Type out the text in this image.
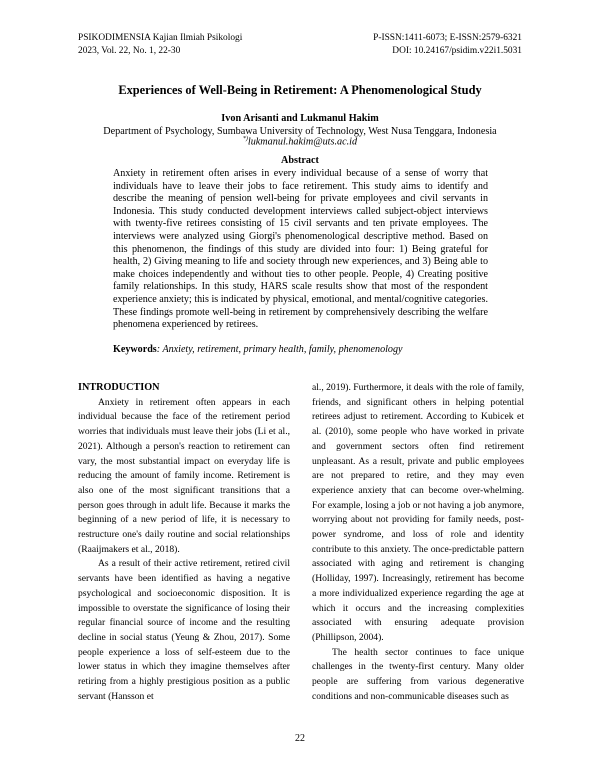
PSIKODIMENSIA Kajian Ilmiah Psikologi
2023, Vol. 22, No. 1, 22-30
P-ISSN:1411-6073; E-ISSN:2579-6321
DOI: 10.24167/psidim.v22i1.5031
Experiences of Well-Being in Retirement: A Phenomenological Study
Ivon Arisanti and Lukmanul Hakim
Department of Psychology, Sumbawa University of Technology, West Nusa Tenggara, Indonesia
*)lukmanul.hakim@uts.ac.id
Abstract
Anxiety in retirement often arises in every individual because of a sense of worry that individuals have to leave their jobs to face retirement. This study aims to identify and describe the meaning of pension well-being for private employees and civil servants in Indonesia. This study conducted development interviews called subject-object interviews with twenty-five retirees consisting of 15 civil servants and ten private employees. The interviews were analyzed using Giorgi's phenomenological descriptive method. Based on this phenomenon, the findings of this study are divided into four: 1) Being grateful for health, 2) Giving meaning to life and society through new experiences, and 3) Being able to make choices independently and without ties to other people. People, 4) Creating positive family relationships. In this study, HARS scale results show that most of the respondent experience anxiety; this is indicated by physical, emotional, and mental/cognitive categories. These findings promote well-being in retirement by comprehensively describing the welfare phenomena experienced by retirees.
Keywords: Anxiety, retirement, primary health, family, phenomenology

INTRODUCTION

Anxiety in retirement often appears in each individual because the face of the retirement period worries that individuals must leave their jobs (Li et al., 2021). Although a person's reaction to retirement can vary, the most substantial impact on everyday life is reducing the amount of family income. Retirement is also one of the most significant transitions that a person goes through in adult life. Because it marks the beginning of a new period of life, it is necessary to restructure one's daily routine and social relationships (Raaijmakers et al., 2018).

As a result of their active retirement, retired civil servants have been identified as having a negative psychological and socioeconomic disposition. It is impossible to overstate the significance of losing their regular financial source of income and the resulting decline in social status (Yeung & Zhou, 2017). Some people experience a loss of self-esteem due to the lower status in which they imagine themselves after retiring from a highly prestigious position as a public servant (Hansson et

al., 2019). Furthermore, it deals with the role of family, friends, and significant others in helping potential retirees adjust to retirement. According to Kubicek et al. (2010), some people who have worked in private and government sectors often find retirement unpleasant. As a result, private and public employees are not prepared to retire, and they may even experience anxiety that can become over-whelming. For example, losing a job or not having a job anymore, worrying about not providing for family needs, post-power syndrome, and loss of role and identity contribute to this anxiety. The once-predictable pattern associated with aging and retirement is changing (Holliday, 1997). Increasingly, retirement has become a more individualized experience regarding the age at which it occurs and the increasing complexities associated with ensuring adequate provision (Phillipson, 2004).

The health sector continues to face unique challenges in the twenty-first century. Many older people are suffering from various degenerative conditions and non-communicable diseases such as

22
